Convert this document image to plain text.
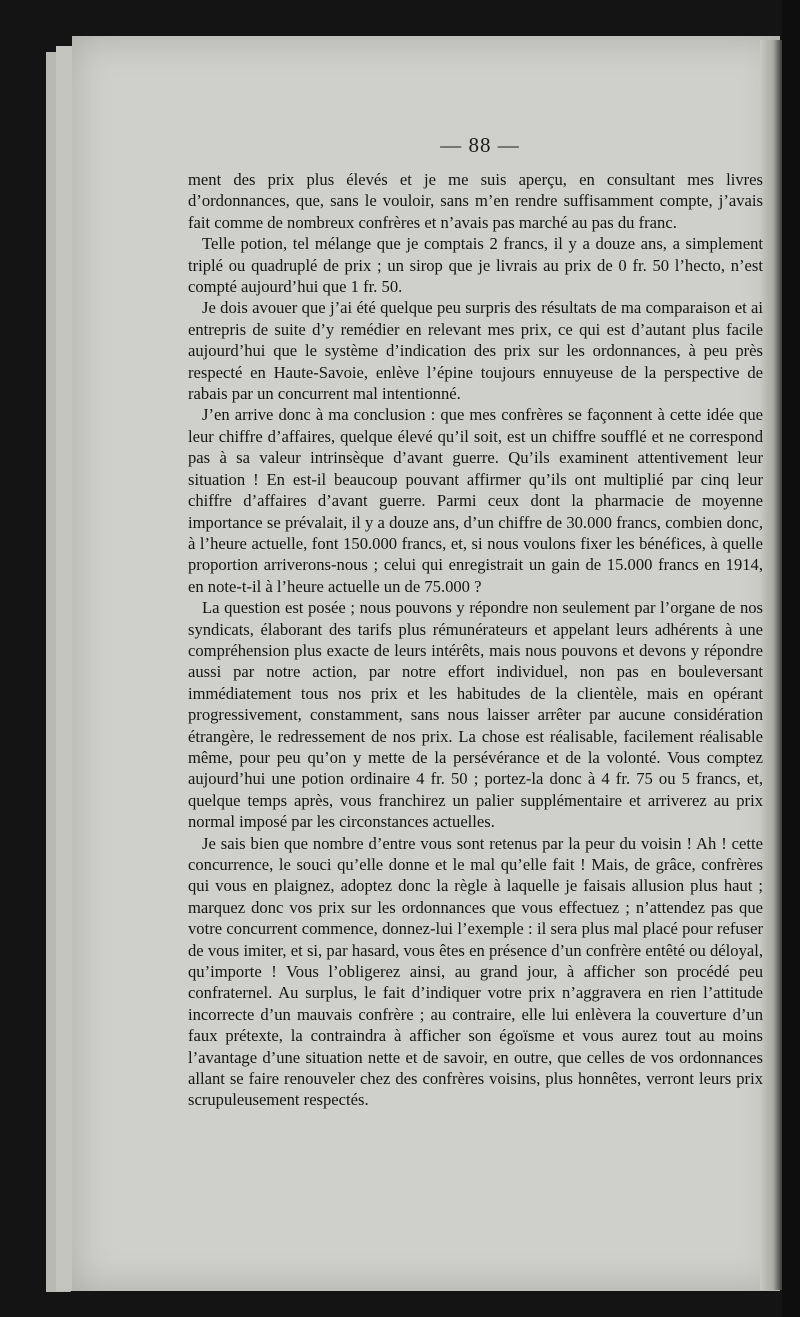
— 88 —

ment des prix plus élevés et je me suis aperçu, en consultant mes livres d’ordonnances, que, sans le vouloir, sans m’en rendre suffisamment compte, j’avais fait comme de nombreux confrères et n’avais pas marché au pas du franc.

Telle potion, tel mélange que je comptais 2 francs, il y a douze ans, a simplement triplé ou quadruplé de prix ; un sirop que je livrais au prix de 0 fr. 50 l’hecto, n’est compté aujourd’hui que 1 fr. 50.

Je dois avouer que j’ai été quelque peu surpris des résultats de ma comparaison et ai entrepris de suite d’y remédier en relevant mes prix, ce qui est d’autant plus facile aujourd’hui que le système d’indication des prix sur les ordonnances, à peu près respecté en Haute-Savoie, enlève l’épine toujours ennuyeuse de la perspective de rabais par un concurrent mal intentionné.

J’en arrive donc à ma conclusion : que mes confrères se façonnent à cette idée que leur chiffre d’affaires, quelque élevé qu’il soit, est un chiffre soufflé et ne correspond pas à sa valeur intrinsèque d’avant guerre. Qu’ils examinent attentivement leur situation ! En est-il beaucoup pouvant affirmer qu’ils ont multiplié par cinq leur chiffre d’affaires d’avant guerre. Parmi ceux dont la pharmacie de moyenne importance se prévalait, il y a douze ans, d’un chiffre de 30.000 francs, combien donc, à l’heure actuelle, font 150.000 francs, et, si nous voulons fixer les bénéfices, à quelle proportion arriverons-nous ; celui qui enregistrait un gain de 15.000 francs en 1914, en note-t-il à l’heure actuelle un de 75.000 ?

La question est posée ; nous pouvons y répondre non seulement par l’organe de nos syndicats, élaborant des tarifs plus rémunérateurs et appelant leurs adhérents à une compréhension plus exacte de leurs intérêts, mais nous pouvons et devons y répondre aussi par notre action, par notre effort individuel, non pas en bouleversant immédiatement tous nos prix et les habitudes de la clientèle, mais en opérant progressivement, constamment, sans nous laisser arrêter par aucune considération étrangère, le redressement de nos prix. La chose est réalisable, facilement réalisable même, pour peu qu’on y mette de la persévérance et de la volonté. Vous comptez aujourd’hui une potion ordinaire 4 fr. 50 ; portez-la donc à 4 fr. 75 ou 5 francs, et, quelque temps après, vous franchirez un palier supplémentaire et arriverez au prix normal imposé par les circonstances actuelles.

Je sais bien que nombre d’entre vous sont retenus par la peur du voisin ! Ah ! cette concurrence, le souci qu’elle donne et le mal qu’elle fait ! Mais, de grâce, confrères qui vous en plaignez, adoptez donc la règle à laquelle je faisais allusion plus haut ; marquez donc vos prix sur les ordonnances que vous effectuez ; n’attendez pas que votre concurrent commence, donnez-lui l’exemple : il sera plus mal placé pour refuser de vous imiter, et si, par hasard, vous êtes en présence d’un confrère entêté ou déloyal, qu’importe ! Vous l’obligerez ainsi, au grand jour, à afficher son procédé peu confraternel. Au surplus, le fait d’indiquer votre prix n’aggravera en rien l’attitude incorrecte d’un mauvais confrère ; au contraire, elle lui enlèvera la couverture d’un faux prétexte, la contraindra à afficher son égoïsme et vous aurez tout au moins l’avantage d’une situation nette et de savoir, en outre, que celles de vos ordonnances allant se faire renouveler chez des confrères voisins, plus honnêtes, verront leurs prix scrupuleusement respectés.
